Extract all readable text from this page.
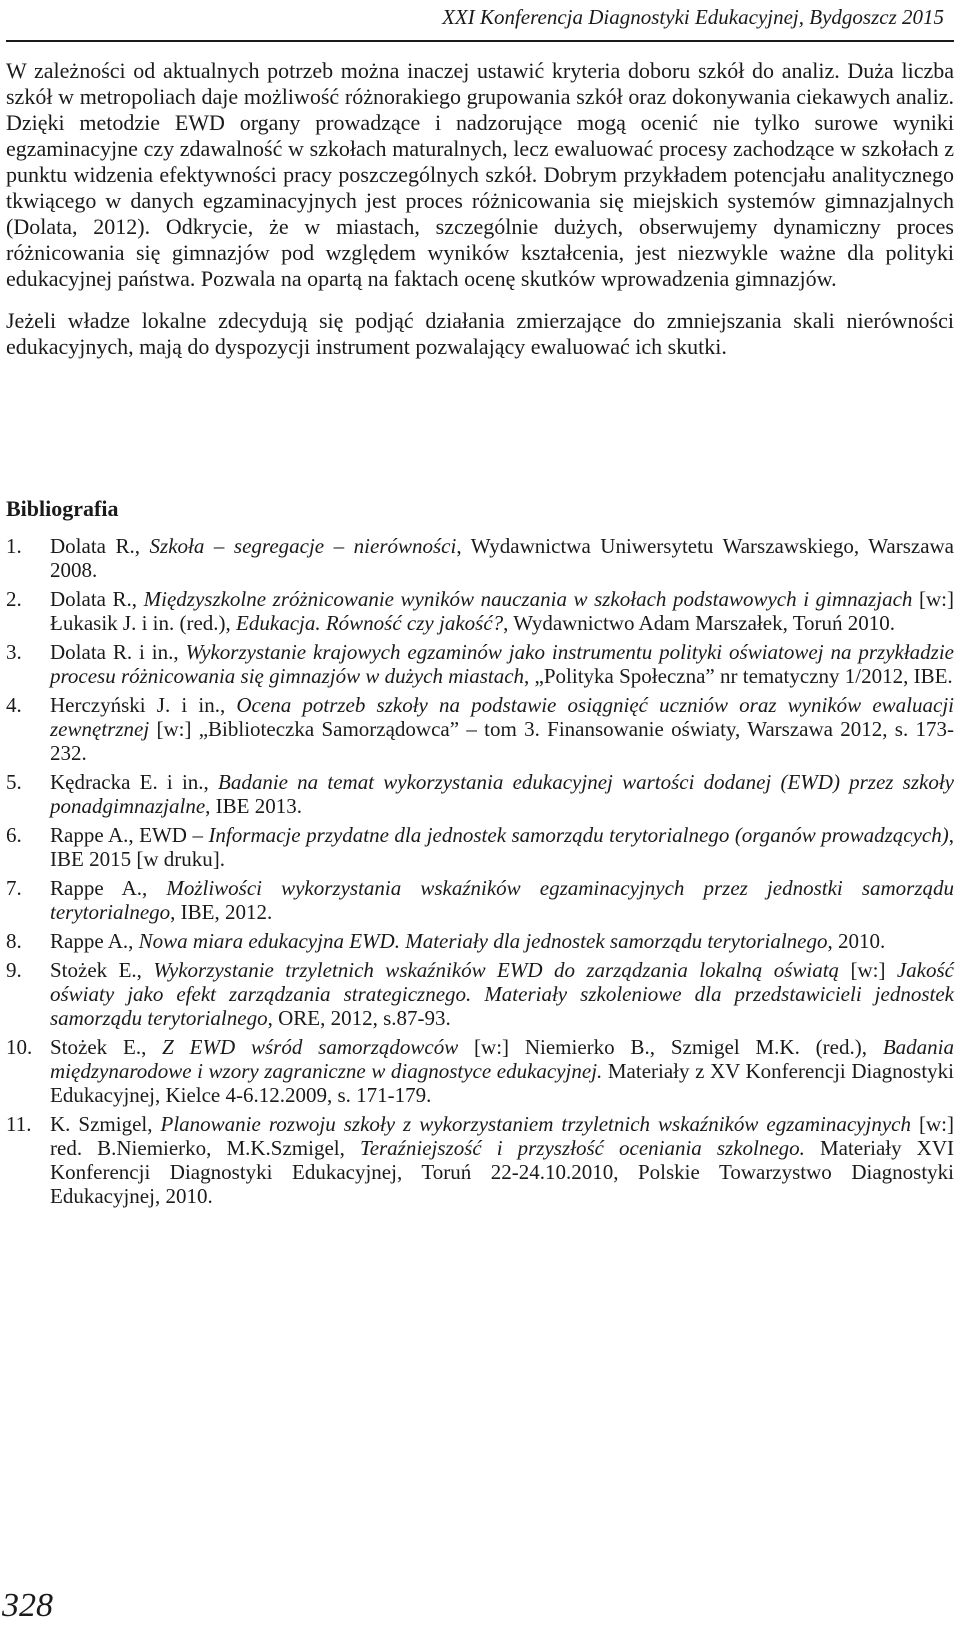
XXI Konferencja Diagnostyki Edukacyjnej, Bydgoszcz 2015

W zależności od aktualnych potrzeb można inaczej ustawić kryteria doboru szkół do analiz. Duża liczba szkół w metropoliach daje możliwość różnorakiego grupowania szkół oraz dokonywania ciekawych analiz. Dzięki metodzie EWD organy prowadzące i nadzorujące mogą ocenić nie tylko surowe wyniki egzaminacyjne czy zdawalność w szkołach maturalnych, lecz ewaluować procesy zachodzące w szkołach z punktu widzenia efektywności pracy poszczególnych szkół. Dobrym przykładem potencjału analitycznego tkwiącego w danych egzaminacyjnych jest proces różnicowania się miejskich systemów gimnazjalnych (Dolata, 2012). Odkrycie, że w miastach, szczególnie dużych, obserwujemy dynamiczny proces różnicowania się gimnazjów pod względem wyników kształcenia, jest niezwykle ważne dla polityki edukacyjnej państwa. Pozwala na opartą na faktach ocenę skutków wprowadzenia gimnazjów.

Jeżeli władze lokalne zdecydują się podjąć działania zmierzające do zmniejszania skali nierówności edukacyjnych, mają do dyspozycji instrument pozwalający ewaluować ich skutki.

Bibliografia
1.	Dolata R., Szkoła – segregacje – nierówności, Wydawnictwa Uniwersytetu Warszawskiego, Warszawa 2008.
2.	Dolata R., Międzyszkolne zróżnicowanie wyników nauczania w szkołach podstawowych i gimnazjach [w:] Łukasik J. i in. (red.), Edukacja. Równość czy jakość?, Wydawnictwo Adam Marszałek, Toruń 2010.
3.	Dolata R. i in., Wykorzystanie krajowych egzaminów jako instrumentu polityki oświatowej na przykładzie procesu różnicowania się gimnazjów w dużych miastach, „Polityka Społeczna” nr tematyczny 1/2012, IBE.
4.	Herczyński J. i in., Ocena potrzeb szkoły na podstawie osiągnięć uczniów oraz wyników ewaluacji zewnętrznej [w:] „Biblioteczka Samorządowca” – tom 3. Finansowanie oświaty, Warszawa 2012, s. 173-232.
5.	Kędracka E. i in., Badanie na temat wykorzystania edukacyjnej wartości dodanej (EWD) przez szkoły ponadgimnazjalne, IBE 2013.
6.	Rappe A., EWD – Informacje przydatne dla jednostek samorządu terytorialnego (organów prowadzących), IBE 2015 [w druku].
7.	Rappe A., Możliwości wykorzystania wskaźników egzaminacyjnych przez jednostki samorządu terytorialnego, IBE, 2012.
8.	Rappe A., Nowa miara edukacyjna EWD. Materiały dla jednostek samorządu terytorialnego, 2010.
9.	Stożek E., Wykorzystanie trzyletnich wskaźników EWD do zarządzania lokalną oświatą [w:] Jakość oświaty jako efekt zarządzania strategicznego. Materiały szkoleniowe dla przedstawicieli jednostek samorządu terytorialnego, ORE, 2012, s.87-93.
10. Stożek E., Z EWD wśród samorządowców [w:] Niemierko B., Szmigel M.K. (red.), Badania międzynarodowe i wzory zagraniczne w diagnostyce edukacyjnej. Materiały z XV Konferencji Diagnostyki Edukacyjnej, Kielce 4-6.12.2009, s. 171-179.
11. K. Szmigel, Planowanie rozwoju szkoły z wykorzystaniem trzyletnich wskaźników egzaminacyjnych [w:] red. B.Niemierko, M.K.Szmigel, Teraźniejszość i przyszłość oceniania szkolnego. Materiały XVI Konferencji Diagnostyki Edukacyjnej, Toruń 22-24.10.2010, Polskie Towarzystwo Diagnostyki Edukacyjnej, 2010.
328
